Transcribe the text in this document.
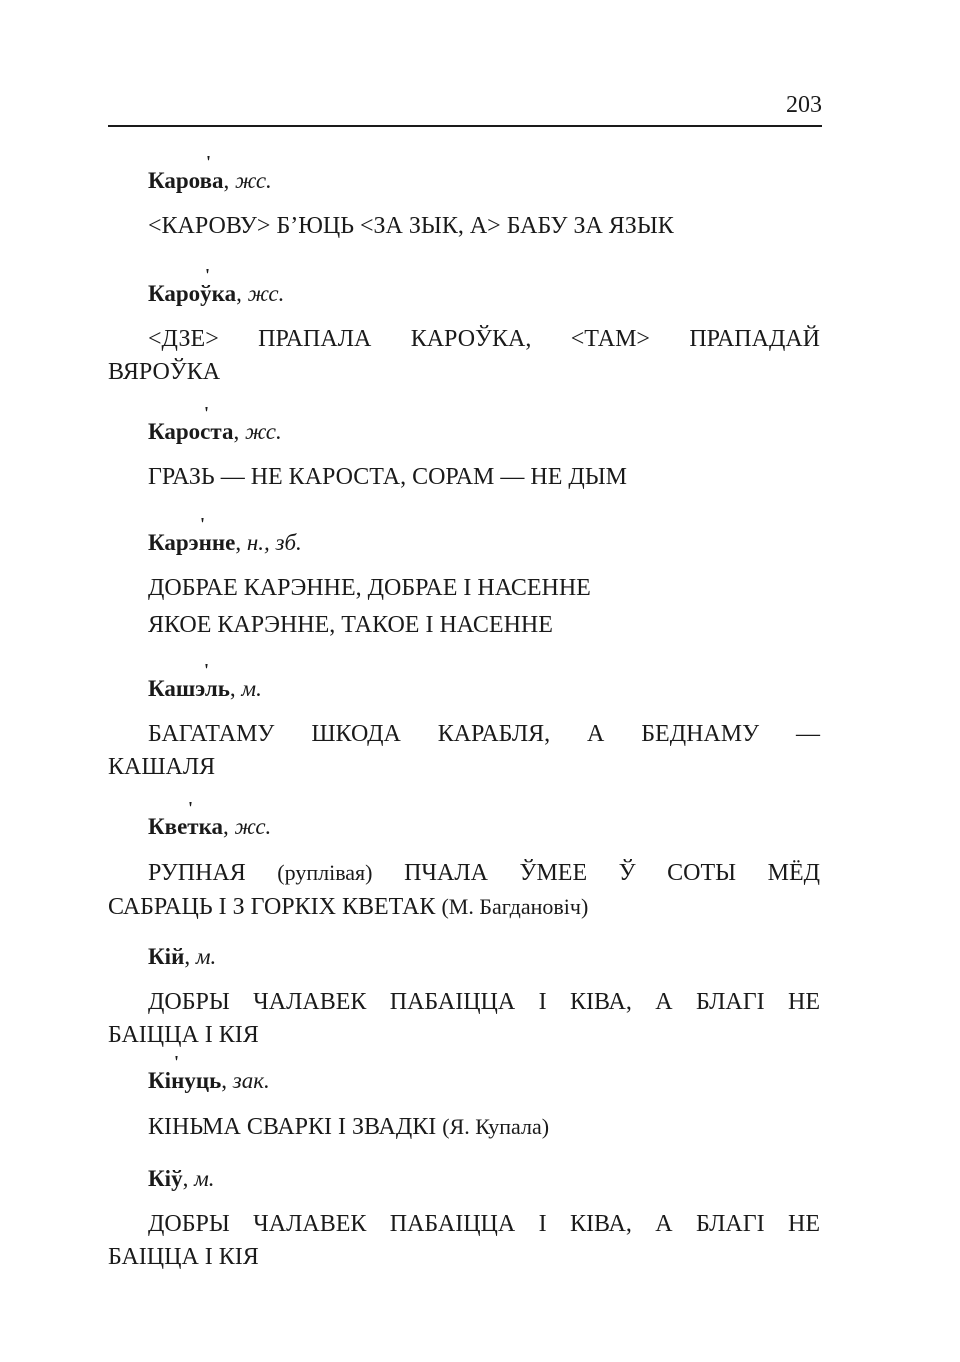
203
'
Карова, жс.
<КАРОВУ> Б’ЮЦЬ <ЗА ЗЫК, А> БАБУ ЗА ЯЗЫК
'
Кароўка, жс.
<ДЗЕ> ПРАПАЛА КАРОЎКА, <ТАМ> ПРАПАДАЙ
ВЯРОЎКА
'
Кароста, жс.
ГРАЗЬ — НЕ КАРОСТА, СОРАМ — НЕ ДЫМ
'
Карэнне, н., зб.
ДОБРАЕ КАРЭННЕ, ДОБРАЕ І НАСЕННЕ
ЯКОЕ КАРЭННЕ, ТАКОЕ І НАСЕННЕ
'
Кашэль, м.
БАГАТАМУ ШКОДА КАРАБЛЯ, А БЕДНАМУ —
КАШАЛЯ
'
Кветка, жс.
РУПНАЯ (руплівая) ПЧАЛА ЎМЕЕ Ў СОТЫ МЁД
САБРАЦЬ І З ГОРКІХ КВЕТАК (М. Багдановіч)
Кій, м.
ДОБРЫ ЧАЛАВЕК ПАБАІЦЦА І КІВА, А БЛАГІ НЕ
БАІЦЦА І КІЯ
'
Кінуць, зак.
КІНЬМА СВАРКІ І ЗВАДКІ (Я. Купала)
Кіў, м.
ДОБРЫ ЧАЛАВЕК ПАБАІЦЦА І КІВА, А БЛАГІ НЕ
БАІЦЦА І КІЯ
